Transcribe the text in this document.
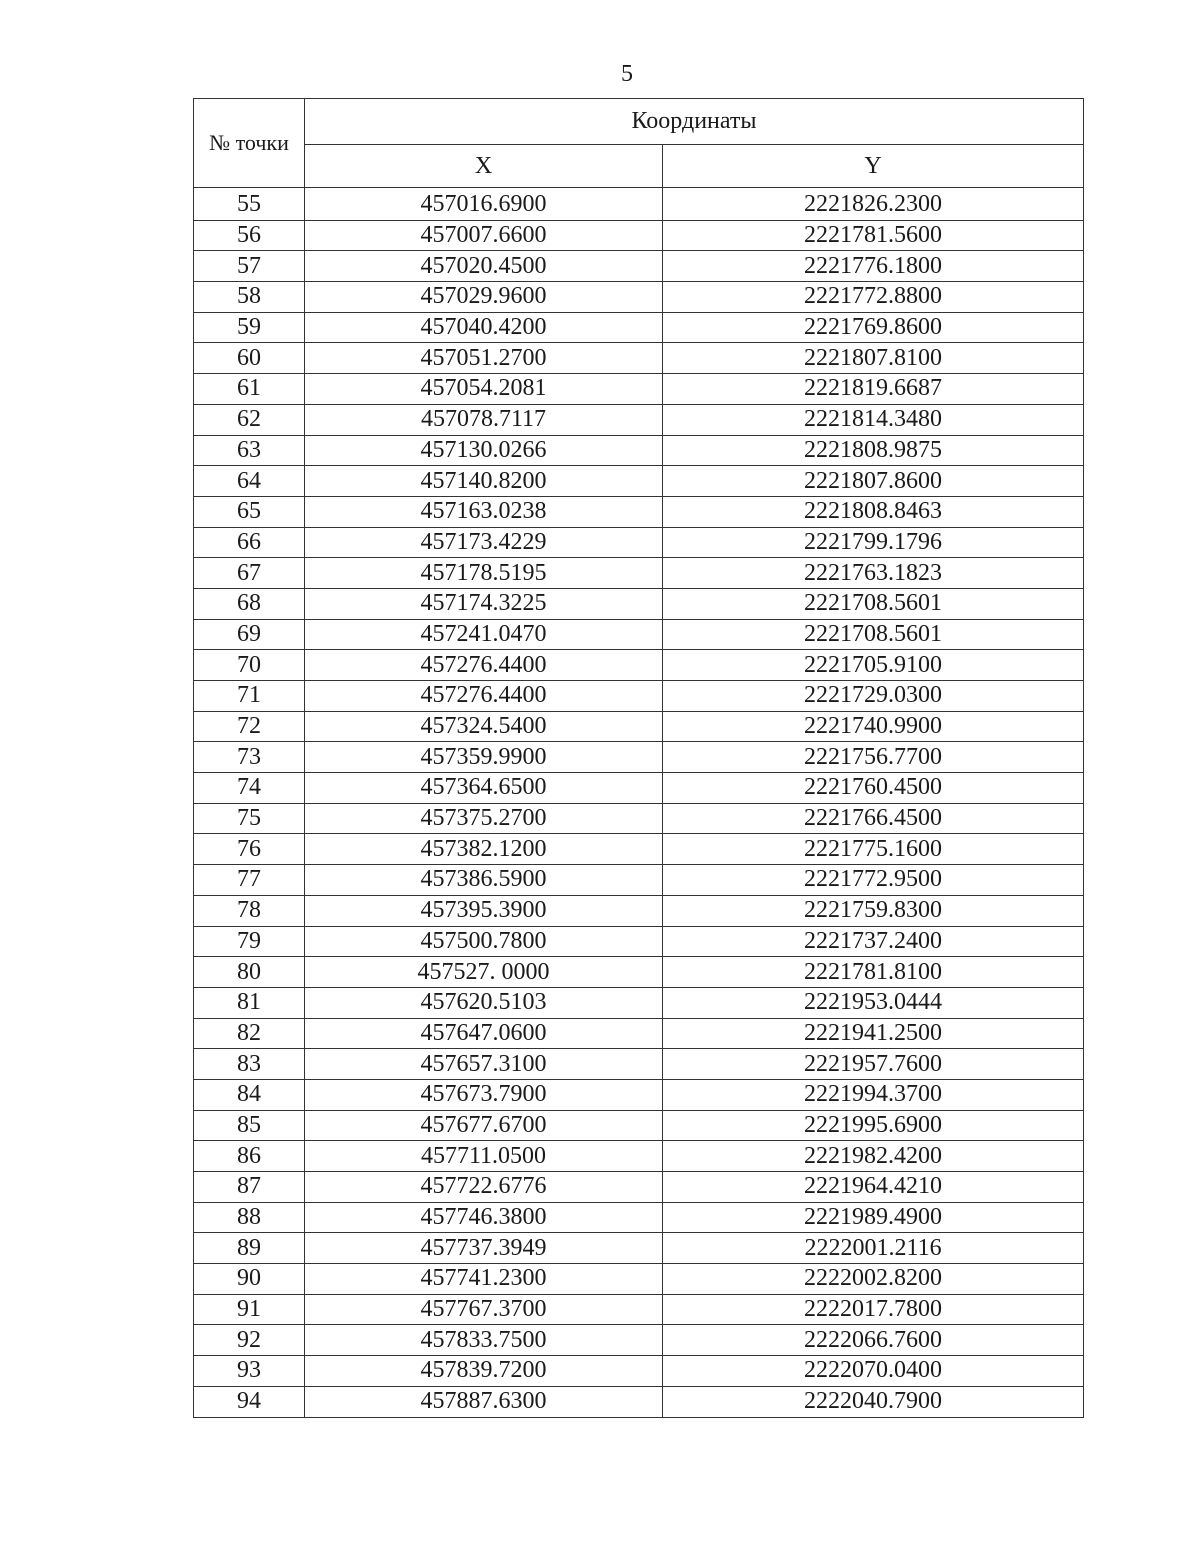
5
№ точки	Координаты	
	X	Y
55	457016.6900	2221826.2300
56	457007.6600	2221781.5600
57	457020.4500	2221776.1800
58	457029.9600	2221772.8800
59	457040.4200	2221769.8600
60	457051.2700	2221807.8100
61	457054.2081	2221819.6687
62	457078.7117	2221814.3480
63	457130.0266	2221808.9875
64	457140.8200	2221807.8600
65	457163.0238	2221808.8463
66	457173.4229	2221799.1796
67	457178.5195	2221763.1823
68	457174.3225	2221708.5601
69	457241.0470	2221708.5601
70	457276.4400	2221705.9100
71	457276.4400	2221729.0300
72	457324.5400	2221740.9900
73	457359.9900	2221756.7700
74	457364.6500	2221760.4500
75	457375.2700	2221766.4500
76	457382.1200	2221775.1600
77	457386.5900	2221772.9500
78	457395.3900	2221759.8300
79	457500.7800	2221737.2400
80	457527. 0000	2221781.8100
81	457620.5103	2221953.0444
82	457647.0600	2221941.2500
83	457657.3100	2221957.7600
84	457673.7900	2221994.3700
85	457677.6700	2221995.6900
86	457711.0500	2221982.4200
87	457722.6776	2221964.4210
88	457746.3800	2221989.4900
89	457737.3949	2222001.2116
90	457741.2300	2222002.8200
91	457767.3700	2222017.7800
92	457833.7500	2222066.7600
93	457839.7200	2222070.0400
94	457887.6300	2222040.7900
